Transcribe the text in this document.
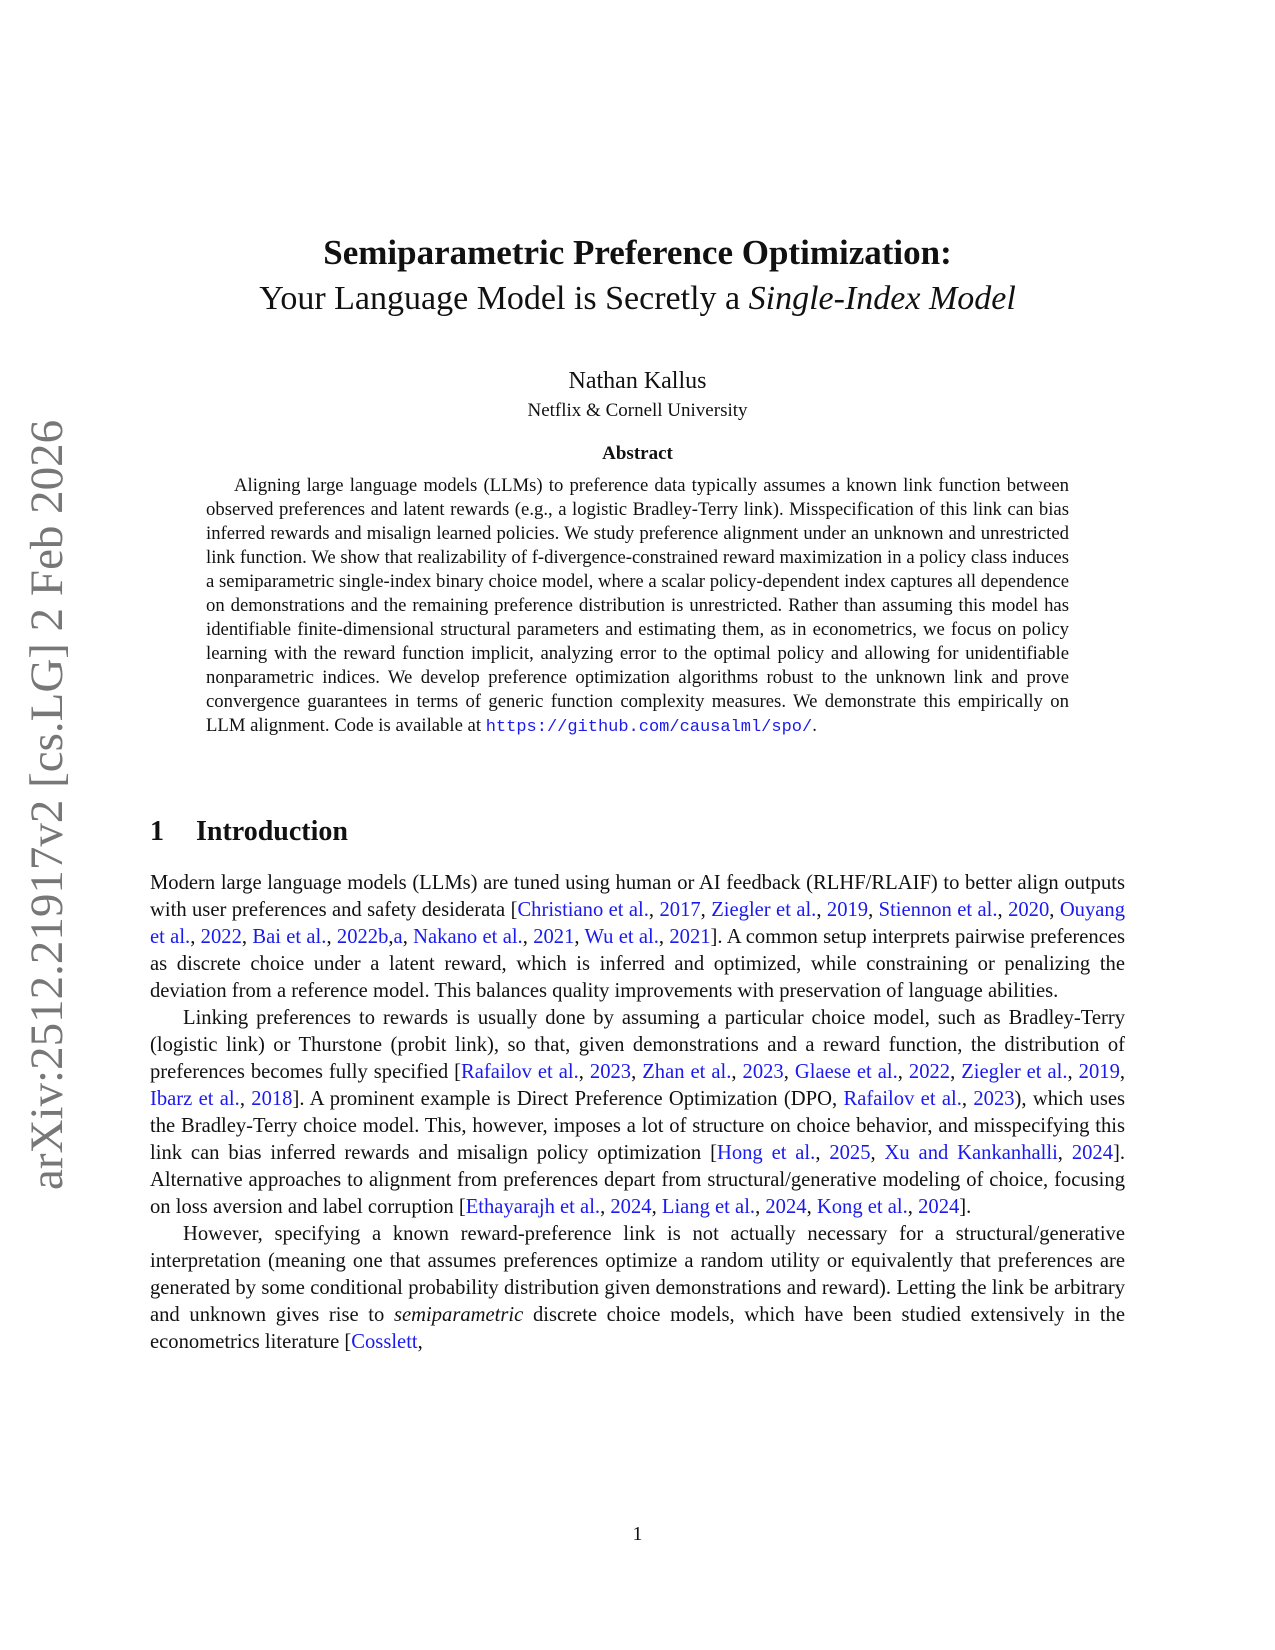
arXiv:2512.21917v2 [cs.LG] 2 Feb 2026

Semiparametric Preference Optimization:

Your Language Model is Secretly a Single-Index Model

Nathan Kallus
Netflix & Cornell University
Abstract

Aligning large language models (LLMs) to preference data typically assumes a known link function between observed preferences and latent rewards (e.g., a logistic Bradley-Terry link). Misspecification of this link can bias inferred rewards and misalign learned policies. We study preference alignment under an unknown and unrestricted link function. We show that realizability of f-divergence-constrained reward maximization in a policy class induces a semiparametric single-index binary choice model, where a scalar policy-dependent index captures all dependence on demonstrations and the remaining preference distribution is unrestricted. Rather than assuming this model has identifiable finite-dimensional structural parameters and estimating them, as in econometrics, we focus on policy learning with the reward function implicit, analyzing error to the optimal policy and allowing for unidentifiable nonparametric indices. We develop preference optimization algorithms robust to the unknown link and prove convergence guarantees in terms of generic function complexity measures. We demonstrate this empirically on LLM alignment. Code is available at https://github.com/causalml/spo/.

1 Introduction

Modern large language models (LLMs) are tuned using human or AI feedback (RLHF/RLAIF) to better align outputs with user preferences and safety desiderata [Christiano et al., 2017, Ziegler et al., 2019, Stiennon et al., 2020, Ouyang et al., 2022, Bai et al., 2022b,a, Nakano et al., 2021, Wu et al., 2021]. A common setup interprets pairwise preferences as discrete choice under a latent reward, which is inferred and optimized, while constraining or penalizing the deviation from a reference model. This balances quality improvements with preservation of language abilities.

Linking preferences to rewards is usually done by assuming a particular choice model, such as Bradley-Terry (logistic link) or Thurstone (probit link), so that, given demonstrations and a reward function, the distribution of preferences becomes fully specified [Rafailov et al., 2023, Zhan et al., 2023, Glaese et al., 2022, Ziegler et al., 2019, Ibarz et al., 2018]. A prominent example is Direct Preference Optimization (DPO, Rafailov et al., 2023), which uses the Bradley-Terry choice model. This, however, imposes a lot of structure on choice behavior, and misspecifying this link can bias inferred rewards and misalign policy optimization [Hong et al., 2025, Xu and Kankanhalli, 2024]. Alternative approaches to alignment from preferences depart from structural/generative modeling of choice, focusing on loss aversion and label corruption [Ethayarajh et al., 2024, Liang et al., 2024, Kong et al., 2024].

However, specifying a known reward-preference link is not actually necessary for a structural/generative interpretation (meaning one that assumes preferences optimize a random utility or equivalently that preferences are generated by some conditional probability distribution given demonstrations and reward). Letting the link be arbitrary and unknown gives rise to semiparametric discrete choice models, which have been studied extensively in the econometrics literature [Cosslett,

1
